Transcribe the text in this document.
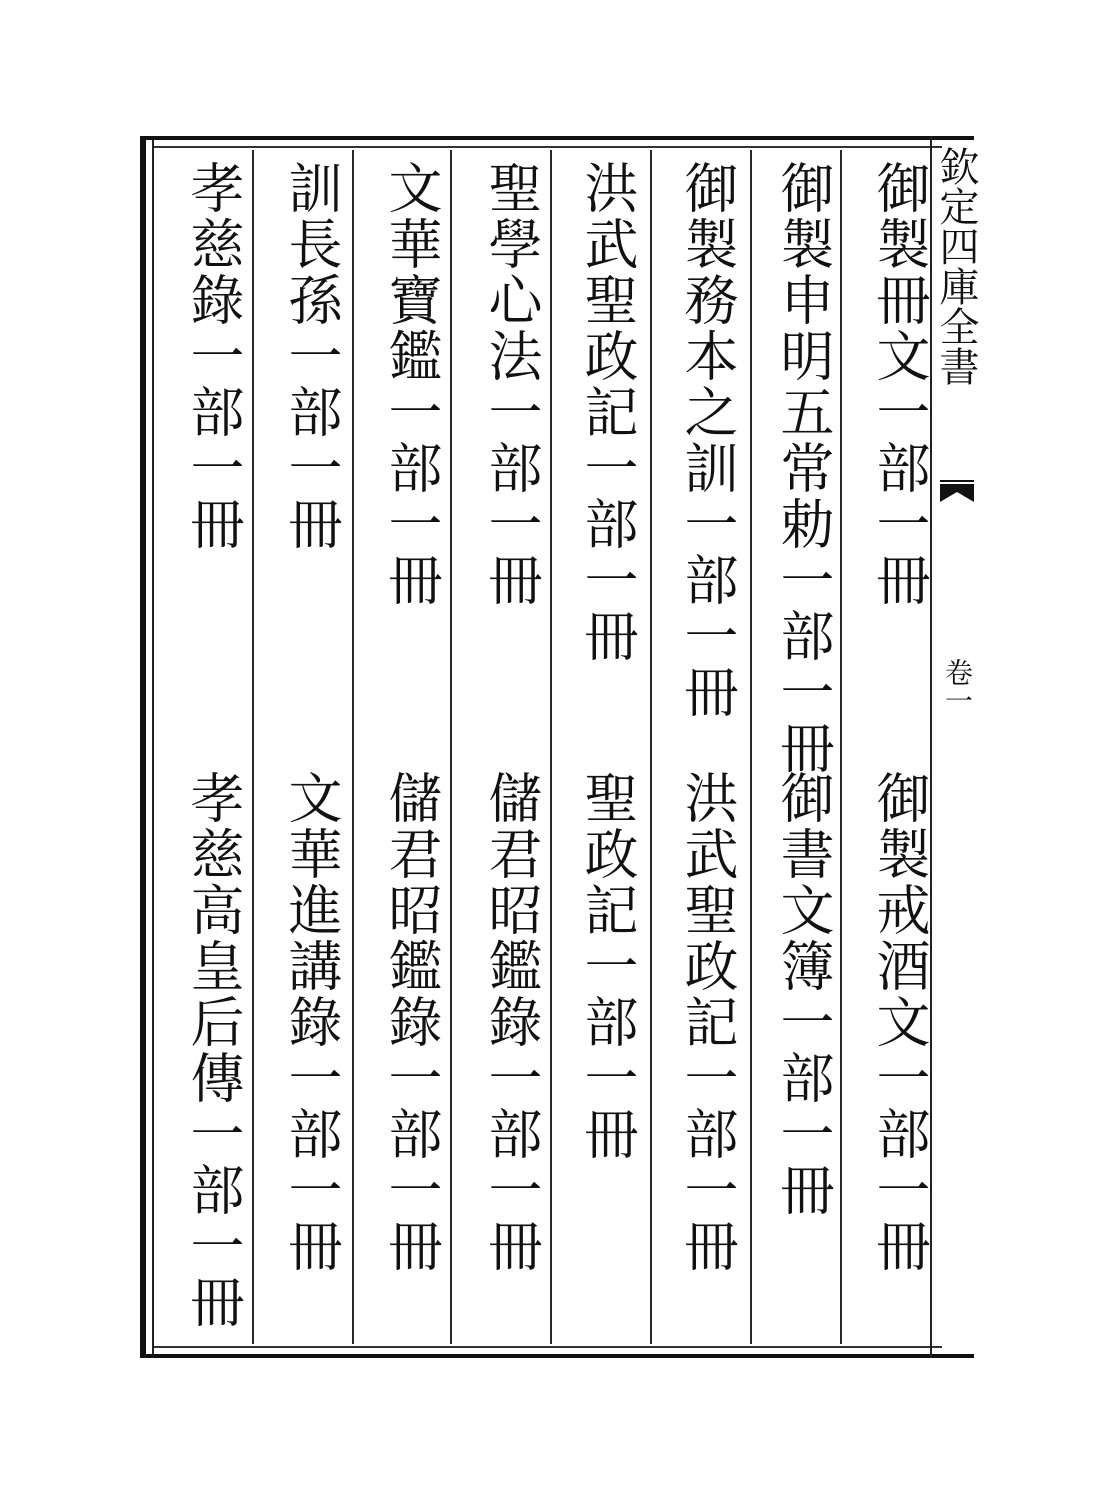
欽定四庫全書
卷一
御製冊文一部一冊
御製申明五常勅一部一冊
御製務本之訓一部一冊
洪武聖政記一部一冊
聖學心法一部一冊
文華寶鑑一部一冊
訓長孫一部一冊
孝慈錄一部一冊
御製戒酒文一部一冊
御書文簿一部一冊
洪武聖政記一部一冊
聖政記一部一冊
儲君昭鑑錄一部一冊
儲君昭鑑錄一部一冊
文華進講錄一部一冊
孝慈高皇后傳一部一冊
